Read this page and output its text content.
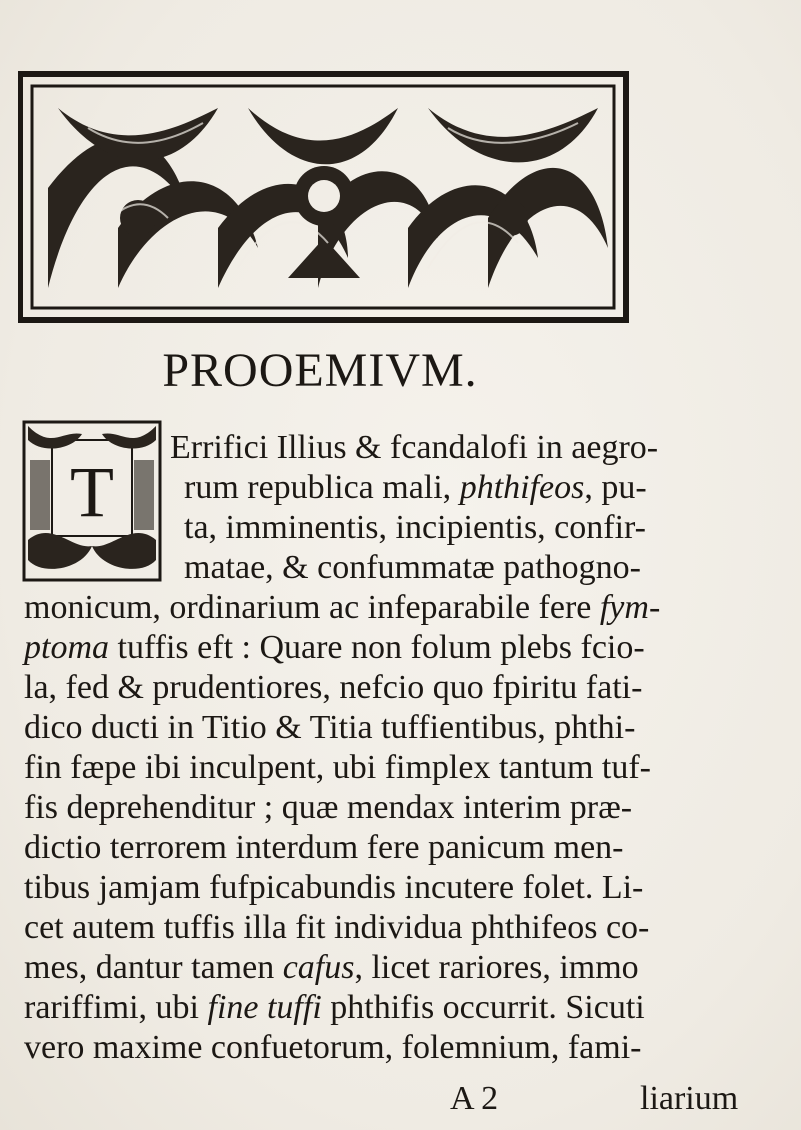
PROOEMIVM.
T
Errifici Illius & fcandalofi in aegro-
rum republica mali, phthifeos, pu-
ta, imminentis, incipientis, confir-
matae, & confummatæ pathogno-
monicum, ordinarium ac infeparabile fere fym-
ptoma tuffis eft : Quare non folum plebs fcio-
la, fed & prudentiores, nefcio quo fpiritu fati-
dico ducti in Titio & Titia tuffientibus, phthi-
fin fæpe ibi inculpent, ubi fimplex tantum tuf-
fis deprehenditur ; quæ mendax interim præ-
dictio terrorem interdum fere panicum men-
tibus jamjam fufpicabundis incutere folet. Li-
cet autem tuffis illa fit individua phthifeos co-
mes, dantur tamen cafus, licet rariores, immo
rariffimi, ubi fine tuffi phthifis occurrit. Sicuti
vero maxime confuetorum, folemnium, fami-
A 2	liarium
